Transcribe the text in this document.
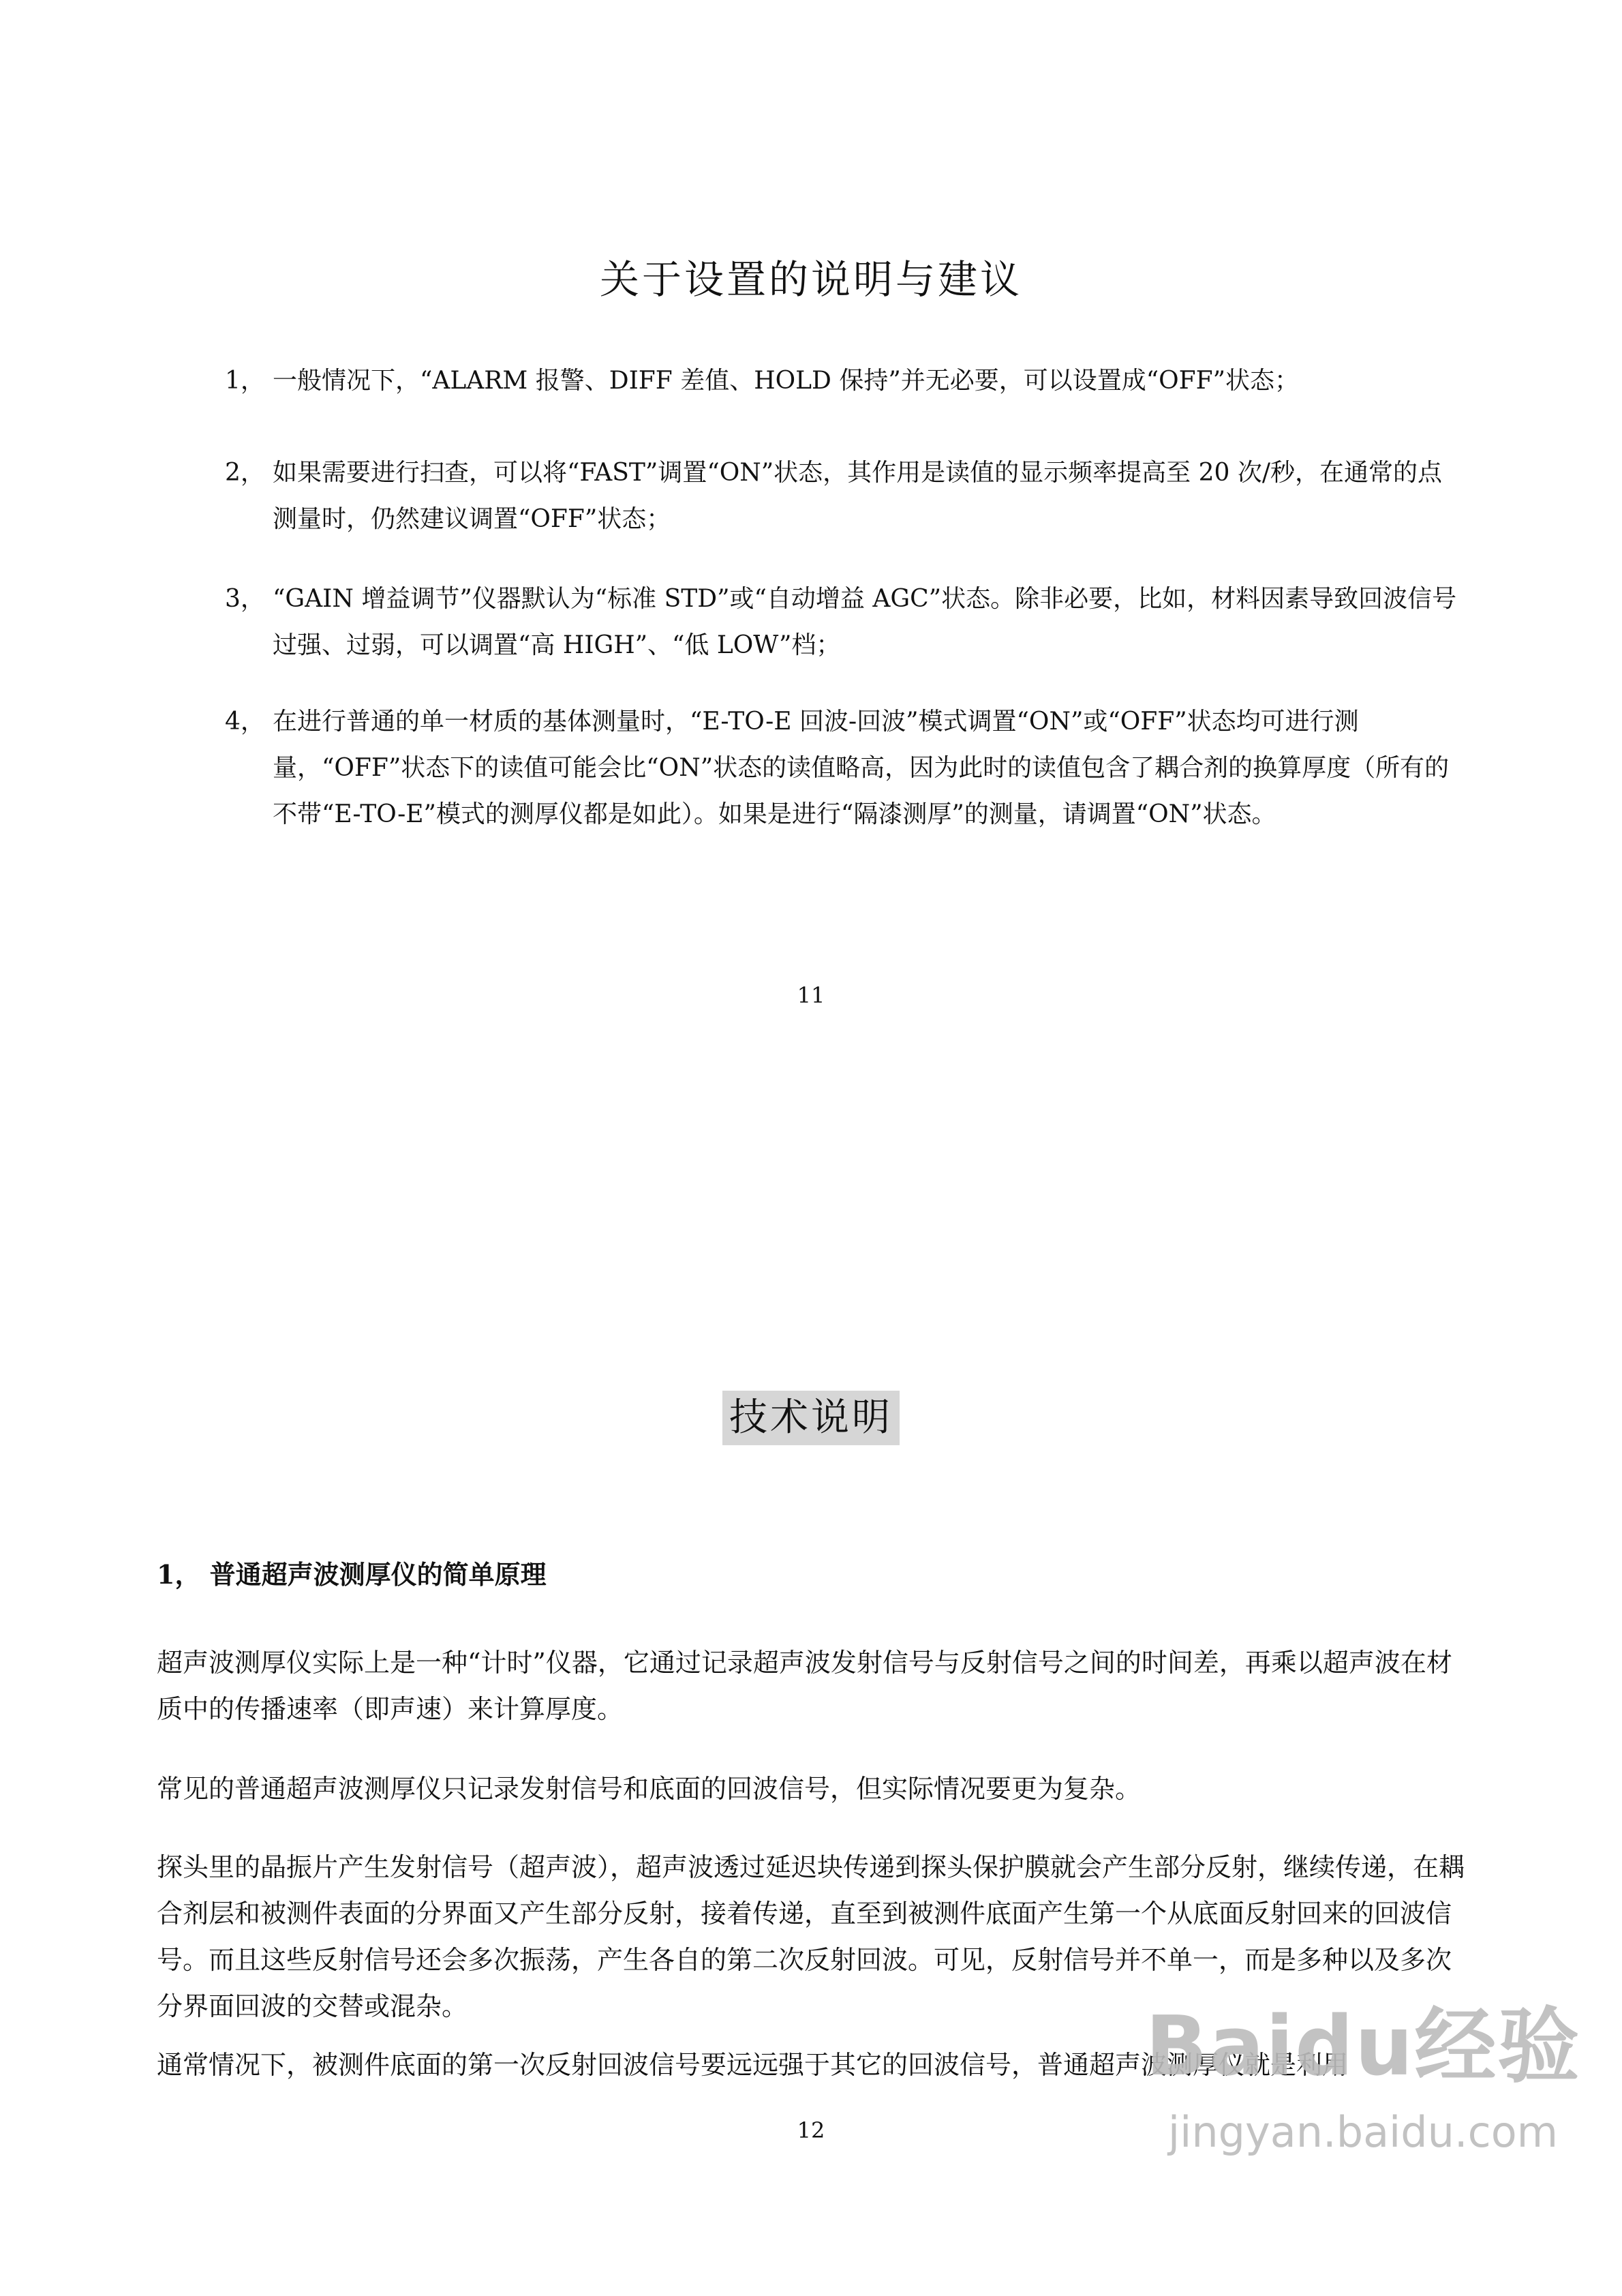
关于设置的说明与建议
1， 一般情况下，“ALARM 报警、DIFF 差值、HOLD 保持”并无必要，可以设置成“OFF”状态；
2， 如果需要进行扫查，可以将“FAST”调置“ON”状态，其作用是读值的显示频率提高至 20 次/秒，在通常的点测量时，仍然建议调置“OFF”状态；
3， “GAIN 增益调节”仪器默认为“标准 STD”或“自动增益 AGC”状态。除非必要，比如，材料因素导致回波信号过强、过弱，可以调置“高 HIGH”、“低 LOW”档；
4， 在进行普通的单一材质的基体测量时，“E-TO-E 回波-回波”模式调置“ON”或“OFF”状态均可进行测量，“OFF”状态下的读值可能会比“ON”状态的读值略高，因为此时的读值包含了耦合剂的换算厚度（所有的不带“E-TO-E”模式的测厚仪都是如此）。如果是进行“隔漆测厚”的测量，请调置“ON”状态。
11
技术说明
1， 普通超声波测厚仪的简单原理
超声波测厚仪实际上是一种“计时”仪器，它通过记录超声波发射信号与反射信号之间的时间差，再乘以超声波在材质中的传播速率（即声速）来计算厚度。
常见的普通超声波测厚仪只记录发射信号和底面的回波信号，但实际情况要更为复杂。
探头里的晶振片产生发射信号（超声波），超声波透过延迟块传递到探头保护膜就会产生部分反射，继续传递，在耦合剂层和被测件表面的分界面又产生部分反射，接着传递，直至到被测件底面产生第一个从底面反射回来的回波信号。而且这些反射信号还会多次振荡，产生各自的第二次反射回波。可见，反射信号并不单一，而是多种以及多次分界面回波的交替或混杂。
通常情况下，被测件底面的第一次反射回波信号要远远强于其它的回波信号，普通超声波测厚仪就是利用
12
Baidu经验
jingyan.baidu.com
